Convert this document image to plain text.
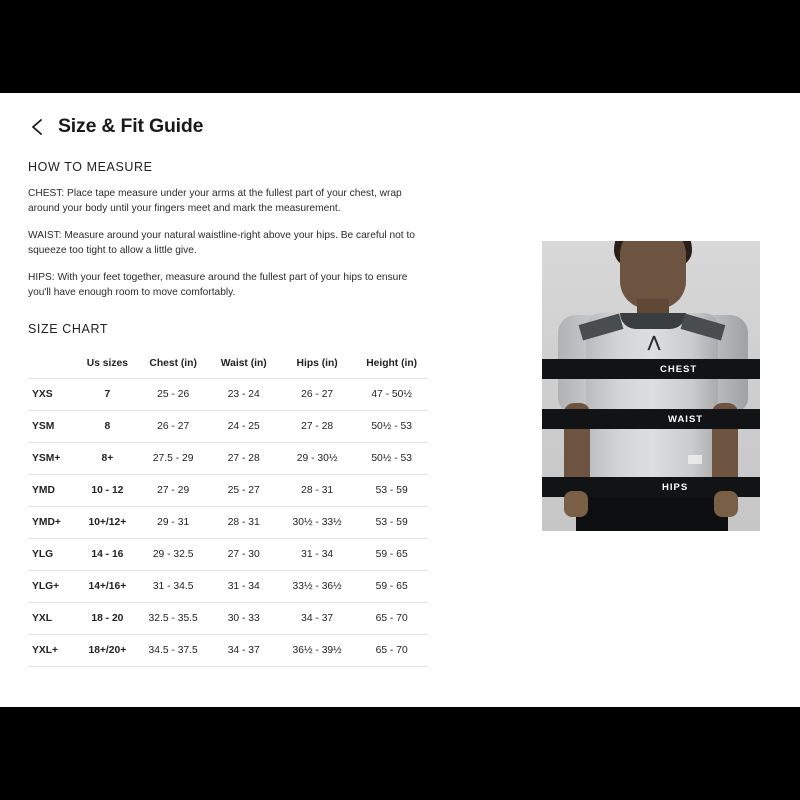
Size & Fit Guide
HOW TO MEASURE

CHEST: Place tape measure under your arms at the fullest part of your chest, wrap around your body until your fingers meet and mark the measurement.

WAIST: Measure around your natural waistline-right above your hips. Be careful not to squeeze too tight to allow a little give.

HIPS: With your feet together, measure around the fullest part of your hips to ensure you'll have enough room to move comfortably.

SIZE CHART
	Us sizes	Chest (in)	Waist (in)	Hips (in)	Height (in)
YXS	7	25 - 26	23 - 24	26 - 27	47 - 50½
YSM	8	26 - 27	24 - 25	27 - 28	50½ - 53
YSM+	8+	27.5 - 29	27 - 28	29 - 30½	50½ - 53
YMD	10 - 12	27 - 29	25 - 27	28 - 31	53 - 59
YMD+	10+/12+	29 - 31	28 - 31	30½ - 33½	53 - 59
YLG	14 - 16	29 - 32.5	27 - 30	31 - 34	59 - 65
YLG+	14+/16+	31 - 34.5	31 - 34	33½ - 36½	59 - 65
YXL	18 - 20	32.5 - 35.5	30 - 33	34 - 37	65 - 70
YXL+	18+/20+	34.5 - 37.5	34 - 37	36½ - 39½	65 - 70
⋀
CHEST
WAIST
HIPS
